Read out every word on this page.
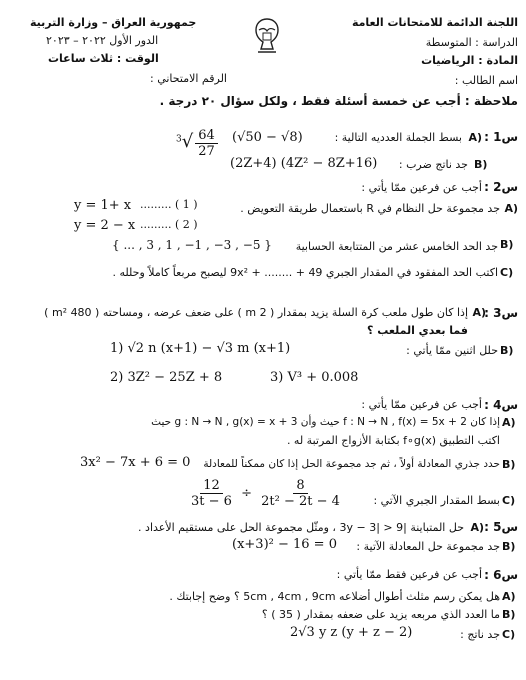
اللجنة الدائمة للامتحانات العامة
الدراسة : المتوسطة
المادة : الرياضيات
اسم الطالب :
جمهورية العراق – وزارة التربية
الدور الأول ٢٠٢٢ – ٢٠٢٣
الوقت : ثلاث ساعات
الرقم الامتحاني :
ملاحظة : أجب عن خمسة أسئلة فقط ، ولكل سؤال ٢٠ درجة .
س1 :
A)
بسط الجملة العدديه التالية :
$^3√ \frac{64}{27} (√50 - √8)$
B)
جد ناتج ضرب :
(2Z+4) (4Z² − 8Z+16)
س2 :
أجب عن فرعين ممّا يأتي :
A)
جد مجموعة حل النظام في R باستعمال طريقة التعويض .
y = 1+ x ......... ( 1 )
y = 2 − x ......... ( 2 )
B)
جد الحد الخامس عشر من المتتابعة الحسابية
{ ... , 3 , 1 , −1 , −3 , −5 }
C)
اكتب الحد المفقود في المقدار الجبري 49 + ........ + 9x² ليصبح مربعاً كاملاً وحلله .
س3 :
A)
إذا كان طول ملعب كرة السلة يزيد بمقدار ( 2 m ) على ضعف عرضه ، ومساحته ( 480 m² )
فما بعدي الملعب ؟
B)
حلل اثنين ممّا يأتي :
1) √2 n (x+1) − √3 m (x+1)
2) 3Z² − 25Z + 8	3) V³ + 0.008
س4 :
أجب عن فرعين ممّا يأتي :
A)
إذا كان f : N → N , f(x) = 5x + 2 حيث وأن g : N → N , g(x) = x + 3 حيث
اكتب التطبيق f∘g(x) بكتابة الأزواج المرتبة له .
B)
حدد جذري المعادلة أولاً ، ثم جد مجموعة الحل إذا كان ممكناً للمعادلة
3x² − 7x + 6 = 0
C)
بسط المقدار الجبري الآتي :
$\frac{12}{3t - 6} \div \frac{8}{\text{2t² − 2t − 4}}$
س5 :
A)
حل المتباينة |3y − 3| > 9 ، ومثّل مجموعة الحل على مستقيم الأعداد .
B)
جد مجموعة حل المعادلة الآتية :
(x+3)² − 16 = 0
س6 :
أجب عن فرعين فقط ممّا يأتي :
A)
هل يمكن رسم مثلث أطوال أضلاعه 5cm , 4cm , 9cm ؟ وضح إجابتك .
B)
ما العدد الذي مربعه يزيد على ضعفه بمقدار ( 35 ) ؟
C)
جد ناتج :
2√3 y z (y + z − 2)
